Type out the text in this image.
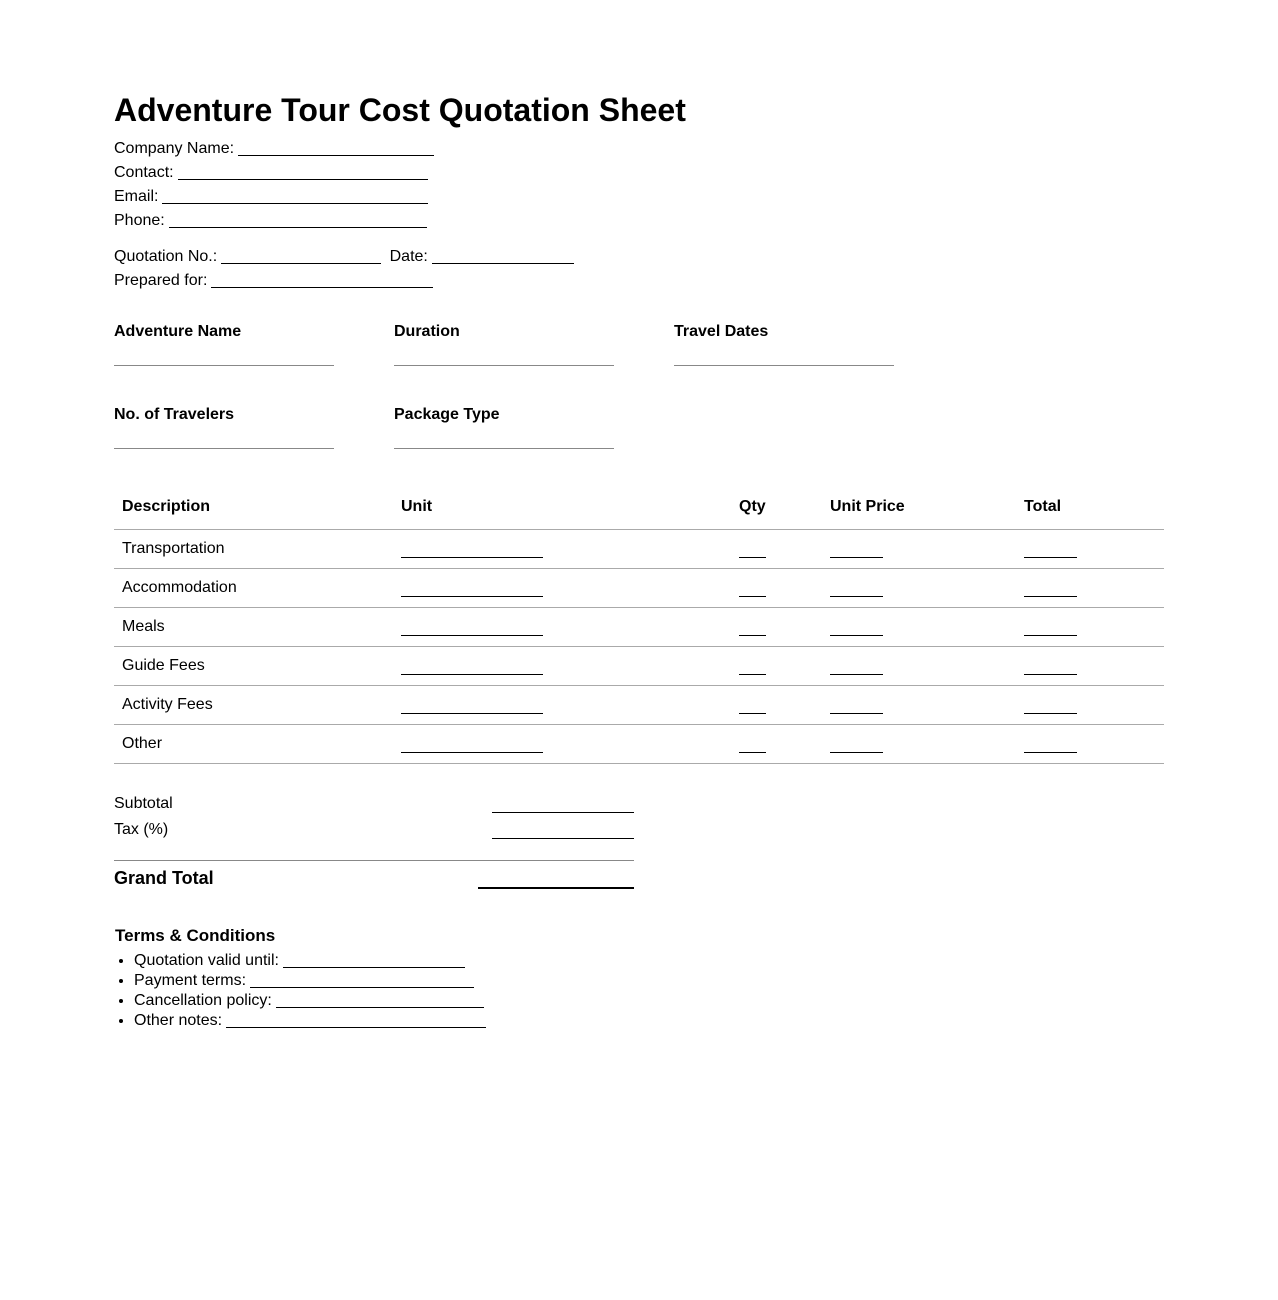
Adventure Tour Cost Quotation Sheet
Company Name:
Contact:
Email:
Phone:
Quotation No.:	Date:
Prepared for:
Adventure Name	Duration	Travel Dates
No. of Travelers	Package Type
Description	Unit	Qty	Unit Price	Total
Transportation				
Accommodation				
Meals				
Guide Fees				
Activity Fees				
Other				
Subtotal
Tax (%)
Grand Total
Terms & Conditions
• Quotation valid until:
• Payment terms:
• Cancellation policy:
• Other notes:
